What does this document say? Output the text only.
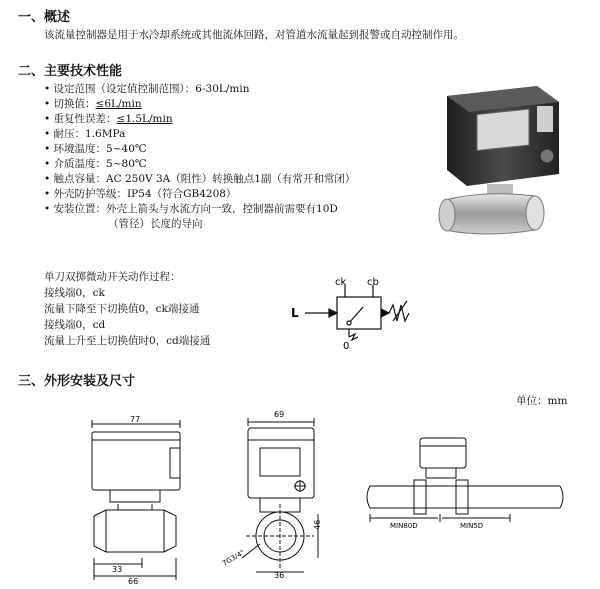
一、概述
该流量控制器是用于水冷却系统或其他流体回路，对管道水流量起到报警或自动控制作用。
二、主要技术性能
• 设定范围（设定值控制范围）：6-30L/min
• 切换值：≤6L/min
• 重复性误差：≤1.5L/min
• 耐压：1.6MPa
• 环境温度：5~40℃
• 介质温度：5~80℃
• 触点容量：AC 250V 3A（阻性）转换触点1副（有常开和常闭）
• 外壳防护等级：IP54（符合GB4208）
• 安装位置：外壳上箭头与水流方向一致，控制器前需要有10D
（管径）长度的导向
单刀双掷微动开关动作过程：
接线端0，ck
流量下降至下切换值0，ck端接通
接线端0，cd
流量上升至上切换值时0，cd端接通
ck cb
L
0
三、外形安装及尺寸
单位：mm
77
33
66
69
36
46
7G3/4"
MIN80D	MIN5D
